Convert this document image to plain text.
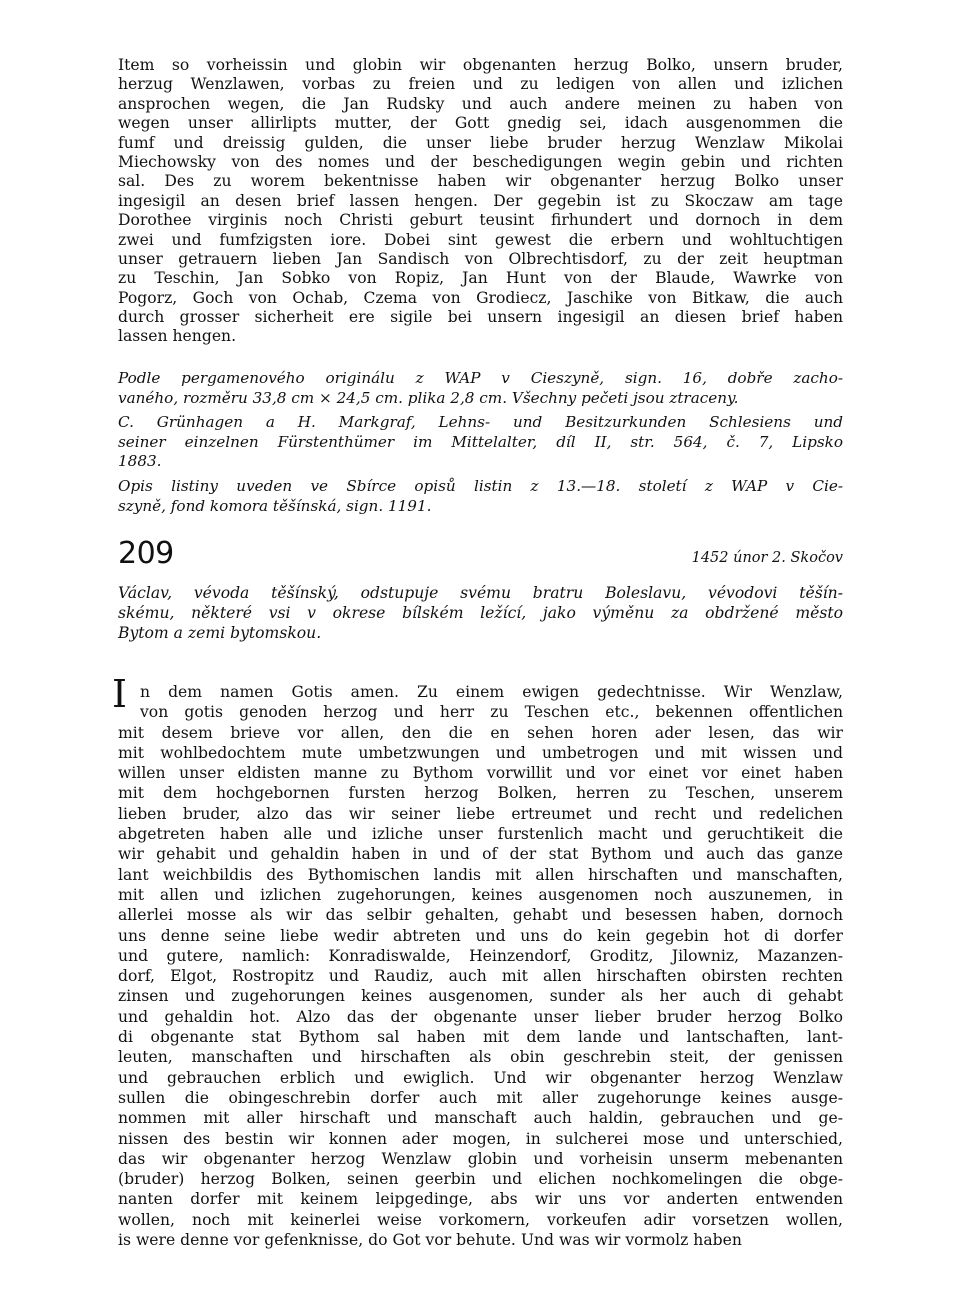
Item so vorheissin und globin wir obgenanten herzug Bolko, unsern bruder,
herzug Wenzlawen, vorbas zu freien und zu ledigen von allen und izlichen
ansprochen wegen, die Jan Rudsky und auch andere meinen zu haben von
wegen unser allirlipts mutter, der Gott gnedig sei, idach ausgenommen die
fumf und dreissig gulden, die unser liebe bruder herzug Wenzlaw Mikolai
Miechowsky von des nomes und der beschedigungen wegin gebin und richten
sal. Des zu worem bekentnisse haben wir obgenanter herzug Bolko unser
ingesigil an desen brief lassen hengen. Der gegebin ist zu Skoczaw am tage
Dorothee virginis noch Christi geburt teusint firhundert und dornoch in dem
zwei und fumfzigsten iore. Dobei sint gewest die erbern und wohltuchtigen
unser getrauern lieben Jan Sandisch von Olbrechtisdorf, zu der zeit heuptman
zu Teschin, Jan Sobko von Ropiz, Jan Hunt von der Blaude, Wawrke von
Pogorz, Goch von Ochab, Czema von Grodiecz, Jaschike von Bitkaw, die auch
durch grosser sicherheit ere sigile bei unsern ingesigil an diesen brief haben
lassen hengen.
Podle pergamenového originálu z WAP v Cieszyně, sign. 16, dobře zacho-
vaného, rozměru 33,8 cm × 24,5 cm. plika 2,8 cm. Všechny pečeti jsou ztraceny.
C. Grünhagen a H. Markgraf, Lehns- und Besitzurkunden Schlesiens und
seiner einzelnen Fürstenthümer im Mittelalter, díl II, str. 564, č. 7, Lipsko
1883.
Opis listiny uveden ve Sbírce opisů listin z 13.—18. století z WAP v Cie-
szyně, fond komora těšínská, sign. 1191.
209	1452 únor 2. Skočov
Václav, vévoda těšínský, odstupuje svému bratru Boleslavu, vévodovi těšín-
skému, některé vsi v okrese bílském ležící, jako výměnu za obdržené město
Bytom a zemi bytomskou.
I n dem namen Gotis amen. Zu einem ewigen gedechtnisse. Wir Wenzlaw,
von gotis genoden herzog und herr zu Teschen etc., bekennen offentlichen
mit desem brieve vor allen, den die en sehen horen ader lesen, das wir
mit wohlbedochtem mute umbetzwungen und umbetrogen und mit wissen und
willen unser eldisten manne zu Bythom vorwillit und vor einet vor einet haben
mit dem hochgebornen fursten herzog Bolken, herren zu Teschen, unserem
lieben bruder, alzo das wir seiner liebe ertreumet und recht und redelichen
abgetreten haben alle und izliche unser furstenlich macht und geruchtikeit die
wir gehabit und gehaldin haben in und of der stat Bythom und auch das ganze
lant weichbildis des Bythomischen landis mit allen hirschaften und manschaften,
mit allen und izlichen zugehorungen, keines ausgenomen noch auszunemen, in
allerlei mosse als wir das selbir gehalten, gehabt und besessen haben, dornoch
uns denne seine liebe wedir abtreten und uns do kein gegebin hot di dorfer
und gutere, namlich: Konradiswalde, Heinzendorf, Groditz, Jilowniz, Mazanzen-
dorf, Elgot, Rostropitz und Raudiz, auch mit allen hirschaften obirsten rechten
zinsen und zugehorungen keines ausgenomen, sunder als her auch di gehabt
und gehaldin hot. Alzo das der obgenante unser lieber bruder herzog Bolko
di obgenante stat Bythom sal haben mit dem lande und lantschaften, lant-
leuten, manschaften und hirschaften als obin geschrebin steit, der genissen
und gebrauchen erblich und ewiglich. Und wir obgenanter herzog Wenzlaw
sullen die obingeschrebin dorfer auch mit aller zugehorunge keines ausge-
nommen mit aller hirschaft und manschaft auch haldin, gebrauchen und ge-
nissen des bestin wir konnen ader mogen, in sulcherei mose und unterschied,
das wir obgenanter herzog Wenzlaw globin und vorheisin unserm mebenanten
(bruder) herzog Bolken, seinen geerbin und elichen nochkomelingen die obge-
nanten dorfer mit keinem leipgedinge, abs wir uns vor anderten entwenden
wollen, noch mit keinerlei weise vorkomern, vorkeufen adir vorsetzen wollen,
is were denne vor gefenknisse, do Got vor behute. Und was wir vormolz haben
